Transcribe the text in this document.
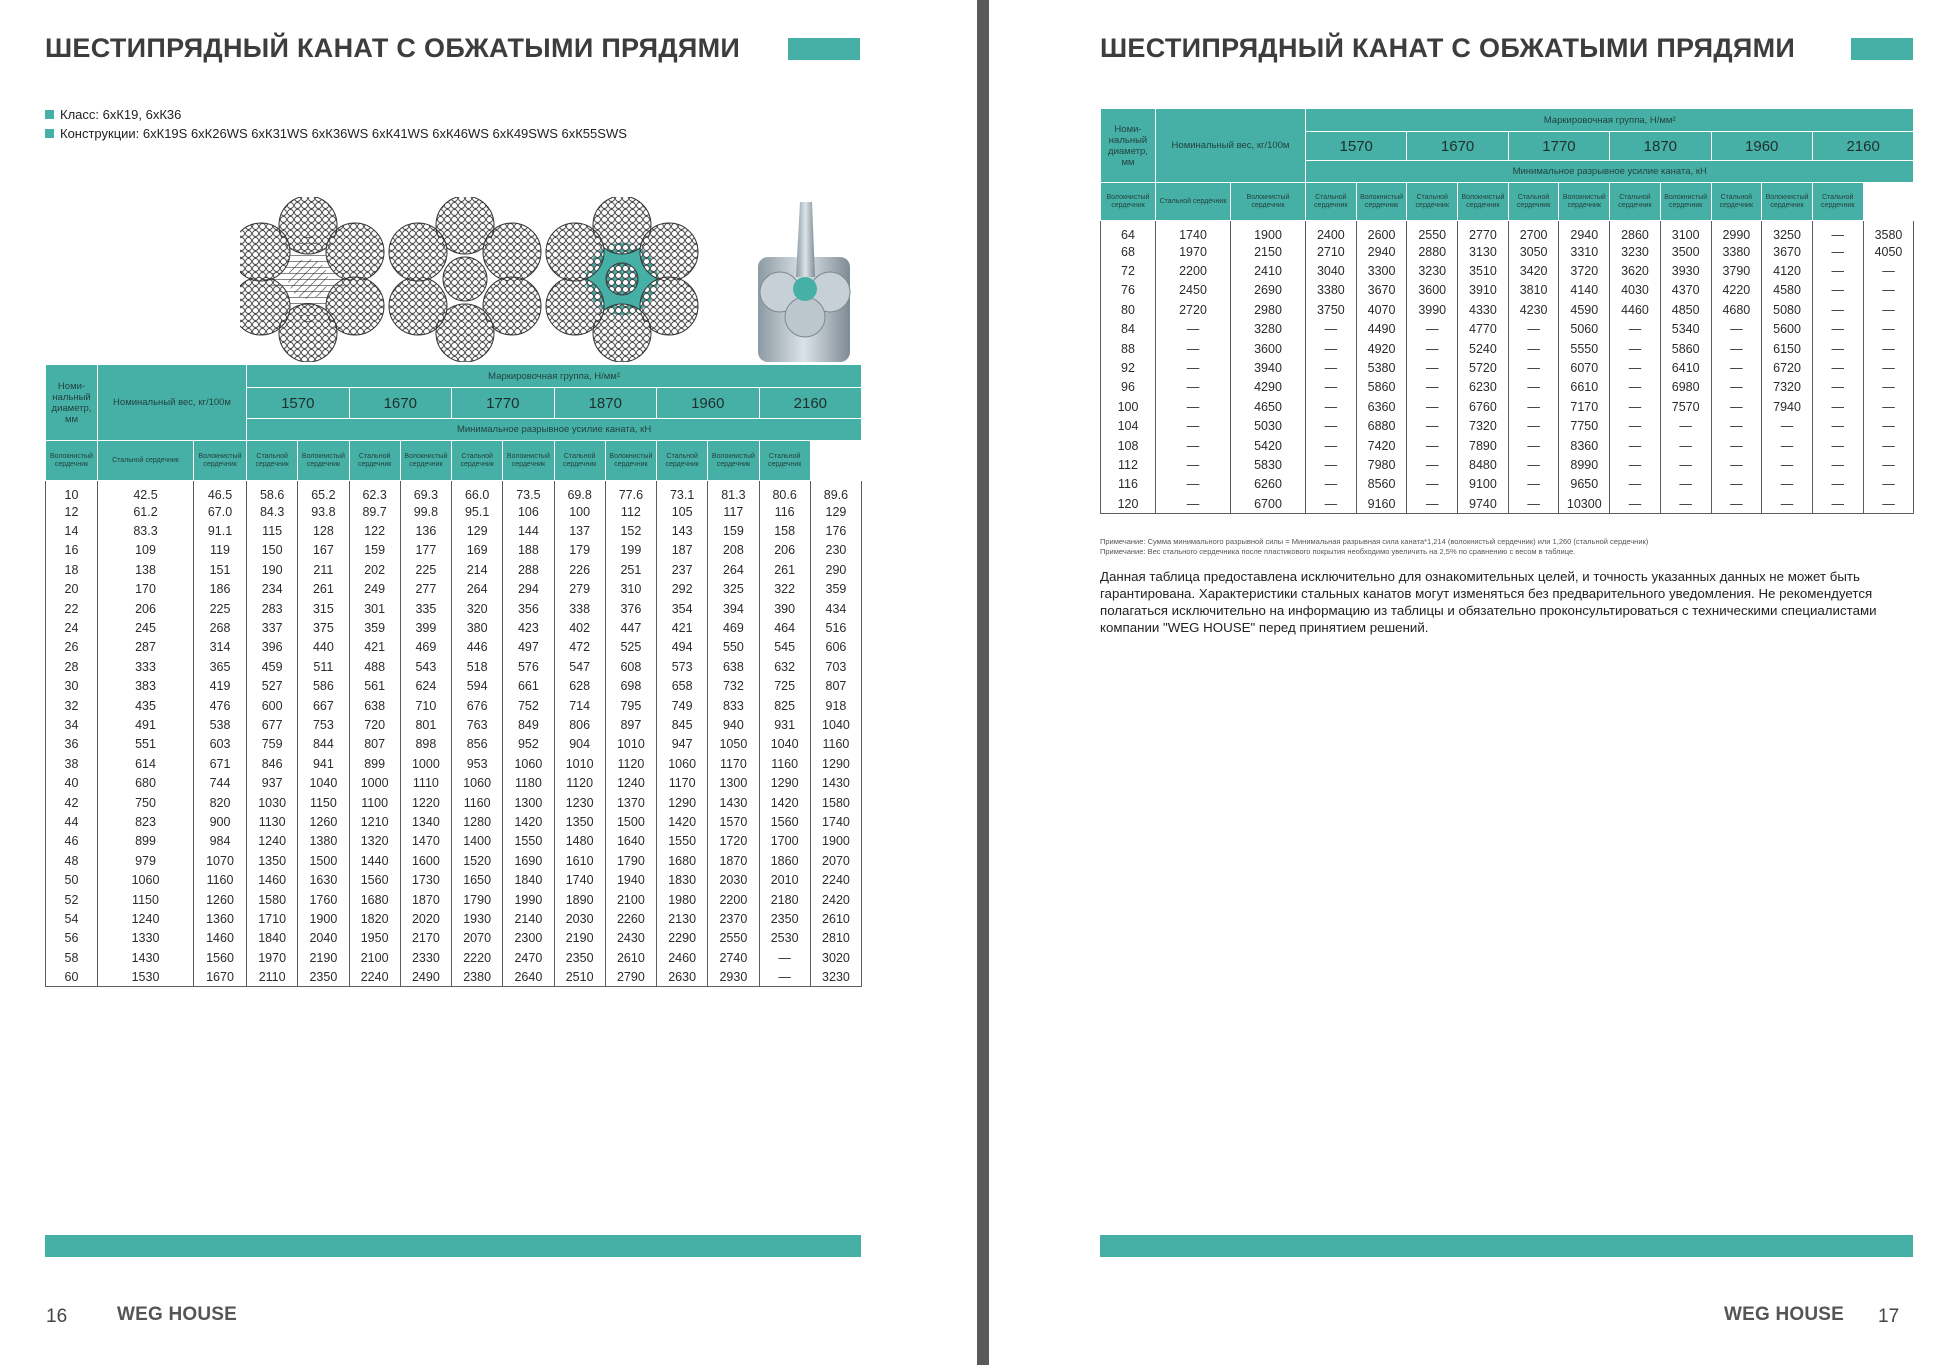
ШЕСТИПРЯДНЫЙ КАНАТ С ОБЖАТЫМИ ПРЯДЯМИ
Класс: 6хК19, 6хК36
Конструкции: 6хК19S 6хК26WS 6хК31WS 6хК36WS 6хК41WS 6хК46WS 6хК49SWS 6хК55SWS
Номи-нальный диаметр, мм	Номинальный вес, кг/100м		Маркировочная группа, Н/мм²											
			1570		1670		1770		1870		1960		2160	
			Минимальное разрывное усилие каната, кН											
Волокнистый сердечник	Стальной сердечник	Волокнистый сердечник	Стальной сердечник	Волокнистый сердечник	Стальной сердечник	Волокнистый сердечник	Стальной сердечник	Волокнистый сердечник	Стальной сердечник	Волокнистый сердечник	Стальной сердечник	Волокнистый сердечник	Стальной сердечник	
10	42.5	46.5	58.6	65.2	62.3	69.3	66.0	73.5	69.8	77.6	73.1	81.3	80.6	89.6
12	61.2	67.0	84.3	93.8	89.7	99.8	95.1	106	100	112	105	117	116	129
14	83.3	91.1	115	128	122	136	129	144	137	152	143	159	158	176
16	109	119	150	167	159	177	169	188	179	199	187	208	206	230
18	138	151	190	211	202	225	214	288	226	251	237	264	261	290
20	170	186	234	261	249	277	264	294	279	310	292	325	322	359
22	206	225	283	315	301	335	320	356	338	376	354	394	390	434
24	245	268	337	375	359	399	380	423	402	447	421	469	464	516
26	287	314	396	440	421	469	446	497	472	525	494	550	545	606
28	333	365	459	511	488	543	518	576	547	608	573	638	632	703
30	383	419	527	586	561	624	594	661	628	698	658	732	725	807
32	435	476	600	667	638	710	676	752	714	795	749	833	825	918
34	491	538	677	753	720	801	763	849	806	897	845	940	931	1040
36	551	603	759	844	807	898	856	952	904	1010	947	1050	1040	1160
38	614	671	846	941	899	1000	953	1060	1010	1120	1060	1170	1160	1290
40	680	744	937	1040	1000	1110	1060	1180	1120	1240	1170	1300	1290	1430
42	750	820	1030	1150	1100	1220	1160	1300	1230	1370	1290	1430	1420	1580
44	823	900	1130	1260	1210	1340	1280	1420	1350	1500	1420	1570	1560	1740
46	899	984	1240	1380	1320	1470	1400	1550	1480	1640	1550	1720	1700	1900
48	979	1070	1350	1500	1440	1600	1520	1690	1610	1790	1680	1870	1860	2070
50	1060	1160	1460	1630	1560	1730	1650	1840	1740	1940	1830	2030	2010	2240
52	1150	1260	1580	1760	1680	1870	1790	1990	1890	2100	1980	2200	2180	2420
54	1240	1360	1710	1900	1820	2020	1930	2140	2030	2260	2130	2370	2350	2610
56	1330	1460	1840	2040	1950	2170	2070	2300	2190	2430	2290	2550	2530	2810
58	1430	1560	1970	2190	2100	2330	2220	2470	2350	2610	2460	2740	—	3020
60	1530	1670	2110	2350	2240	2490	2380	2640	2510	2790	2630	2930	—	3230
16	WEG HOUSE
ШЕСТИПРЯДНЫЙ КАНАТ С ОБЖАТЫМИ ПРЯДЯМИ
Номи-нальный диаметр, мм	Номинальный вес, кг/100м		Маркировочная группа, Н/мм²											
			1570		1670		1770		1870		1960		2160	
			Минимальное разрывное усилие каната, кН											
Волокнистый сердечник	Стальной сердечник	Волокнистый сердечник	Стальной сердечник	Волокнистый сердечник	Стальной сердечник	Волокнистый сердечник	Стальной сердечник	Волокнистый сердечник	Стальной сердечник	Волокнистый сердечник	Стальной сердечник	Волокнистый сердечник	Стальной сердечник	
64	1740	1900	2400	2600	2550	2770	2700	2940	2860	3100	2990	3250	—	3580
68	1970	2150	2710	2940	2880	3130	3050	3310	3230	3500	3380	3670	—	4050
72	2200	2410	3040	3300	3230	3510	3420	3720	3620	3930	3790	4120	—	—
76	2450	2690	3380	3670	3600	3910	3810	4140	4030	4370	4220	4580	—	—
80	2720	2980	3750	4070	3990	4330	4230	4590	4460	4850	4680	5080	—	—
84	—	3280	—	4490	—	4770	—	5060	—	5340	—	5600	—	—
88	—	3600	—	4920	—	5240	—	5550	—	5860	—	6150	—	—
92	—	3940	—	5380	—	5720	—	6070	—	6410	—	6720	—	—
96	—	4290	—	5860	—	6230	—	6610	—	6980	—	7320	—	—
100	—	4650	—	6360	—	6760	—	7170	—	7570	—	7940	—	—
104	—	5030	—	6880	—	7320	—	7750	—	—	—	—	—	—
108	—	5420	—	7420	—	7890	—	8360	—	—	—	—	—	—
112	—	5830	—	7980	—	8480	—	8990	—	—	—	—	—	—
116	—	6260	—	8560	—	9100	—	9650	—	—	—	—	—	—
120	—	6700	—	9160	—	9740	—	10300	—	—	—	—	—	—
Примечание: Сумма минимального разрывной силы = Минимальная разрывная сила каната*1,214 (волокнистый сердечник) или 1,260 (стальной сердечник)
Примечание: Вес стального сердечника после пластикового покрытия необходимо увеличить на 2,5% по сравнению с весом в таблице.
Данная таблица предоставлена исключительно для ознакомительных целей, и точность указанных данных не может быть гарантирована. Характеристики стальных канатов могут изменяться без предварительного уведомления. Не рекомендуется полагаться исключительно на информацию из таблицы и обязательно проконсультироваться с техническими специалистами компании "WEG HOUSE" перед принятием решений.
WEG HOUSE 17
